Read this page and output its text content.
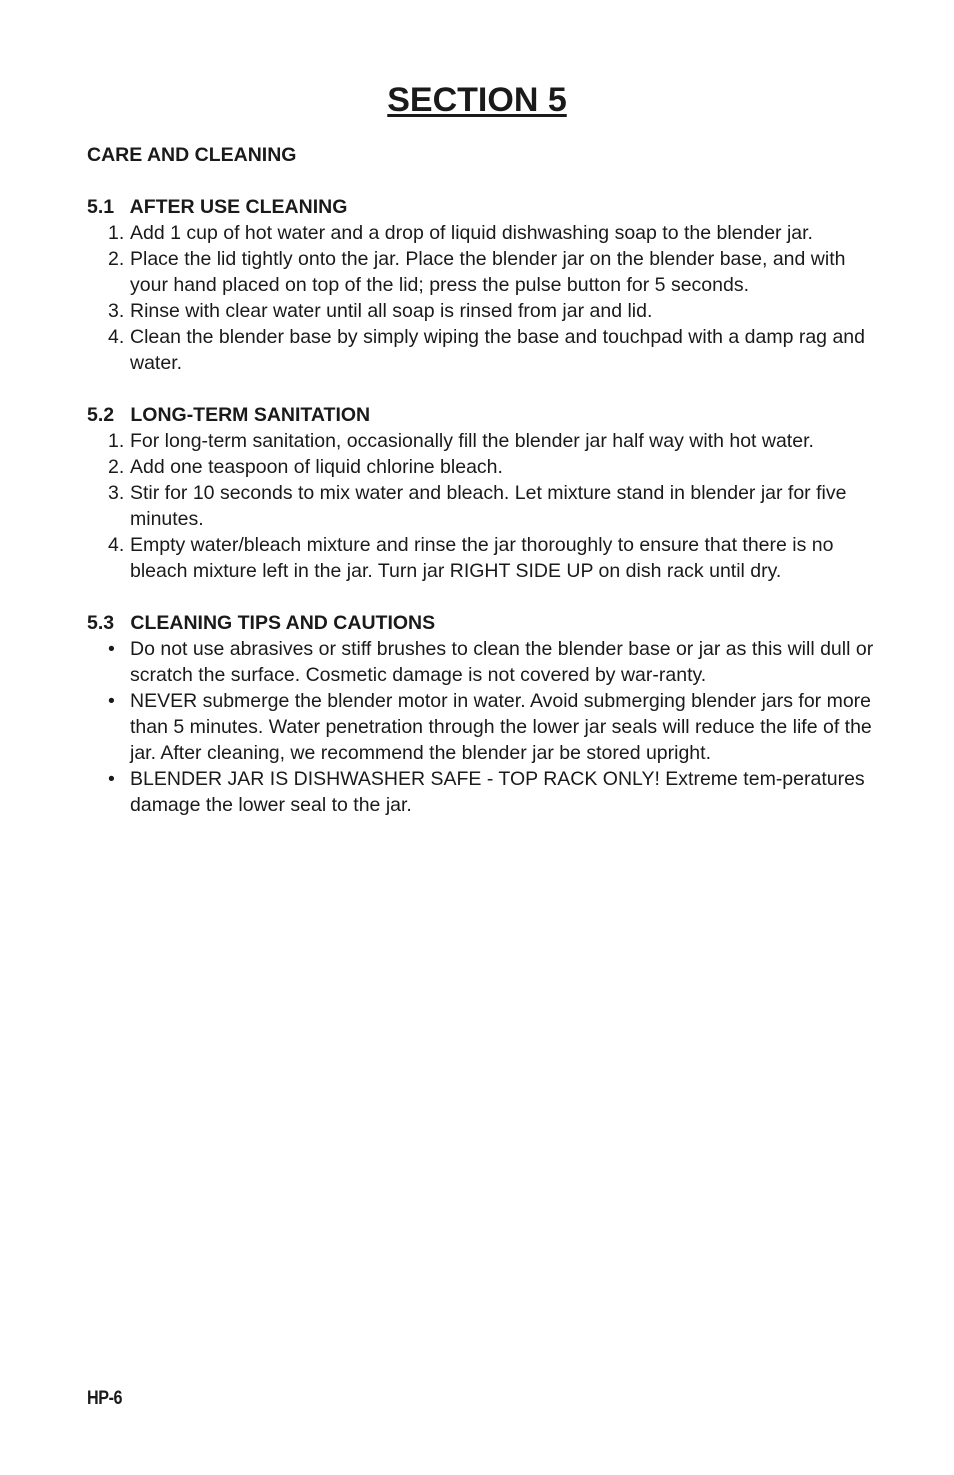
SECTION 5

CARE AND CLEANING

5.1   AFTER USE CLEANING

1. Add 1 cup of hot water and a drop of liquid dishwashing soap to the blender jar.
2. Place the lid tightly onto the jar. Place the blender jar on the blender base, and with your hand placed on top of the lid; press the pulse button for 5 seconds.
3. Rinse with clear water until all soap is rinsed from jar and lid.
4. Clean the blender base by simply wiping the base and touchpad with a damp rag and water.

5.2   LONG-TERM SANITATION

1. For long-term sanitation, occasionally fill the blender jar half way with hot water.
2. Add one teaspoon of liquid chlorine bleach.
3. Stir for 10 seconds to mix water and bleach. Let mixture stand in blender jar for five minutes.
4. Empty water/bleach mixture and rinse the jar thoroughly to ensure that there is no bleach mixture left in the jar. Turn jar RIGHT SIDE UP on dish rack until dry.

5.3   CLEANING TIPS AND CAUTIONS

• Do not use abrasives or stiff brushes to clean the blender base or jar as this will dull or scratch the surface. Cosmetic damage is not covered by war-ranty.
• NEVER submerge the blender motor in water. Avoid submerging blender jars for more than 5 minutes. Water penetration through the lower jar seals will reduce the life of the jar. After cleaning, we recommend the blender jar be stored upright.
• BLENDER JAR IS DISHWASHER SAFE - TOP RACK ONLY! Extreme tem-peratures damage the lower seal to the jar.
HP-6
